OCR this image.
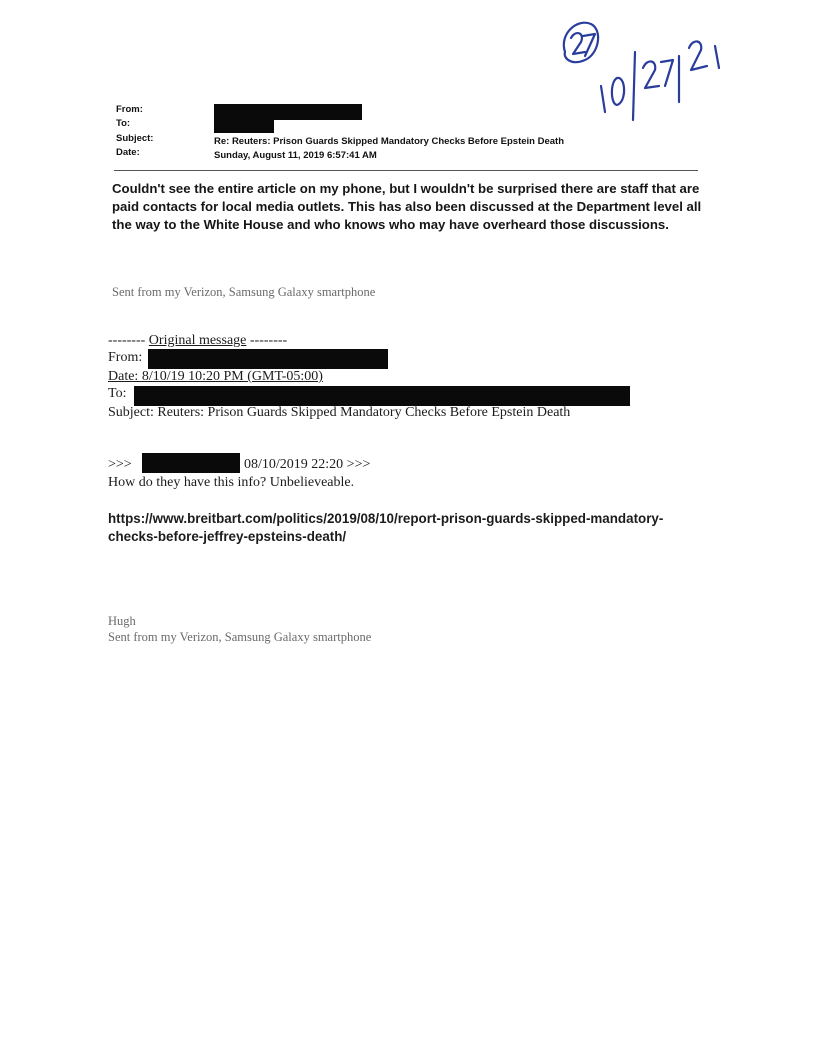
From:
To:
Subject:
Date:
Re: Reuters: Prison Guards Skipped Mandatory Checks Before Epstein Death
Sunday, August 11, 2019 6:57:41 AM
Couldn't see the entire article on my phone, but I wouldn't be surprised there are staff that are paid contacts for local media outlets. This has also been discussed at the Department level all the way to the White House and who knows who may have overheard those discussions.
Sent from my Verizon, Samsung Galaxy smartphone
-------- Original message --------
From:
Date: 8/10/19 10:20 PM (GMT-05:00)
To:
Subject: Reuters: Prison Guards Skipped Mandatory Checks Before Epstein Death
>>>	08/10/2019 22:20 >>>
How do they have this info? Unbelieveable.
https://www.breitbart.com/politics/2019/08/10/report-prison-guards-skipped-mandatory-checks-before-jeffrey-epsteins-death/
Hugh
Sent from my Verizon, Samsung Galaxy smartphone
